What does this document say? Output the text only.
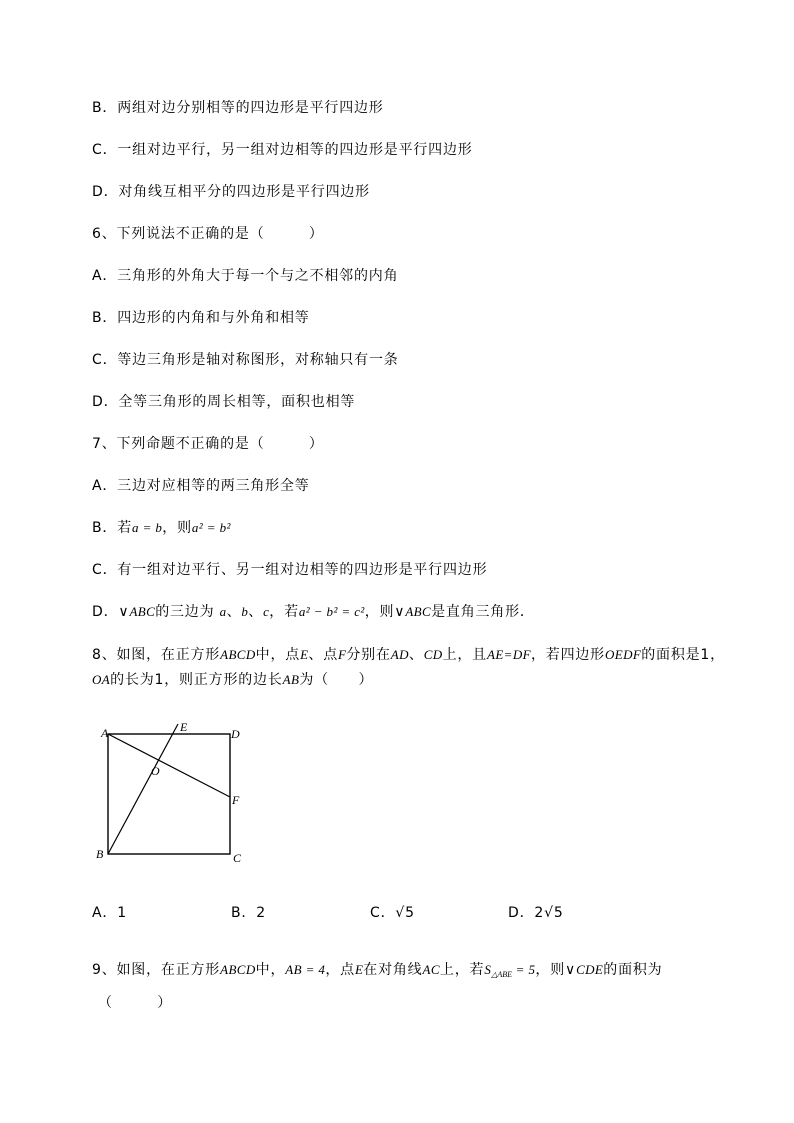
B．两组对边分别相等的四边形是平行四边形
C．一组对边平行，另一组对边相等的四边形是平行四边形
D．对角线互相平分的四边形是平行四边形
6、下列说法不正确的是（　　　）
A．三角形的外角大于每一个与之不相邻的内角
B．四边形的内角和与外角和相等
C．等边三角形是轴对称图形，对称轴只有一条
D．全等三角形的周长相等，面积也相等
7、下列命题不正确的是（　　　）
A．三边对应相等的两三角形全等
B．若a = b，则a² = b²
C．有一组对边平行、另一组对边相等的四边形是平行四边形
D．∨ABC的三边为 a、b、c，若a² − b² = c²，则∨ABC是直角三角形．
8、如图，在正方形ABCD中，点E、点F分别在AD、CD上，且AE=DF，若四边形OEDF的面积是1，
OA的长为1，则正方形的边长AB为（　　）
A	E	D
O
F
B	C
A．1	B．2	C．√5	D．2√5
9、如图，在正方形ABCD中，AB = 4，点E在对角线AC上，若$S_{\triangle ABE} = 5$，则∨CDE的面积为
（　　　）
